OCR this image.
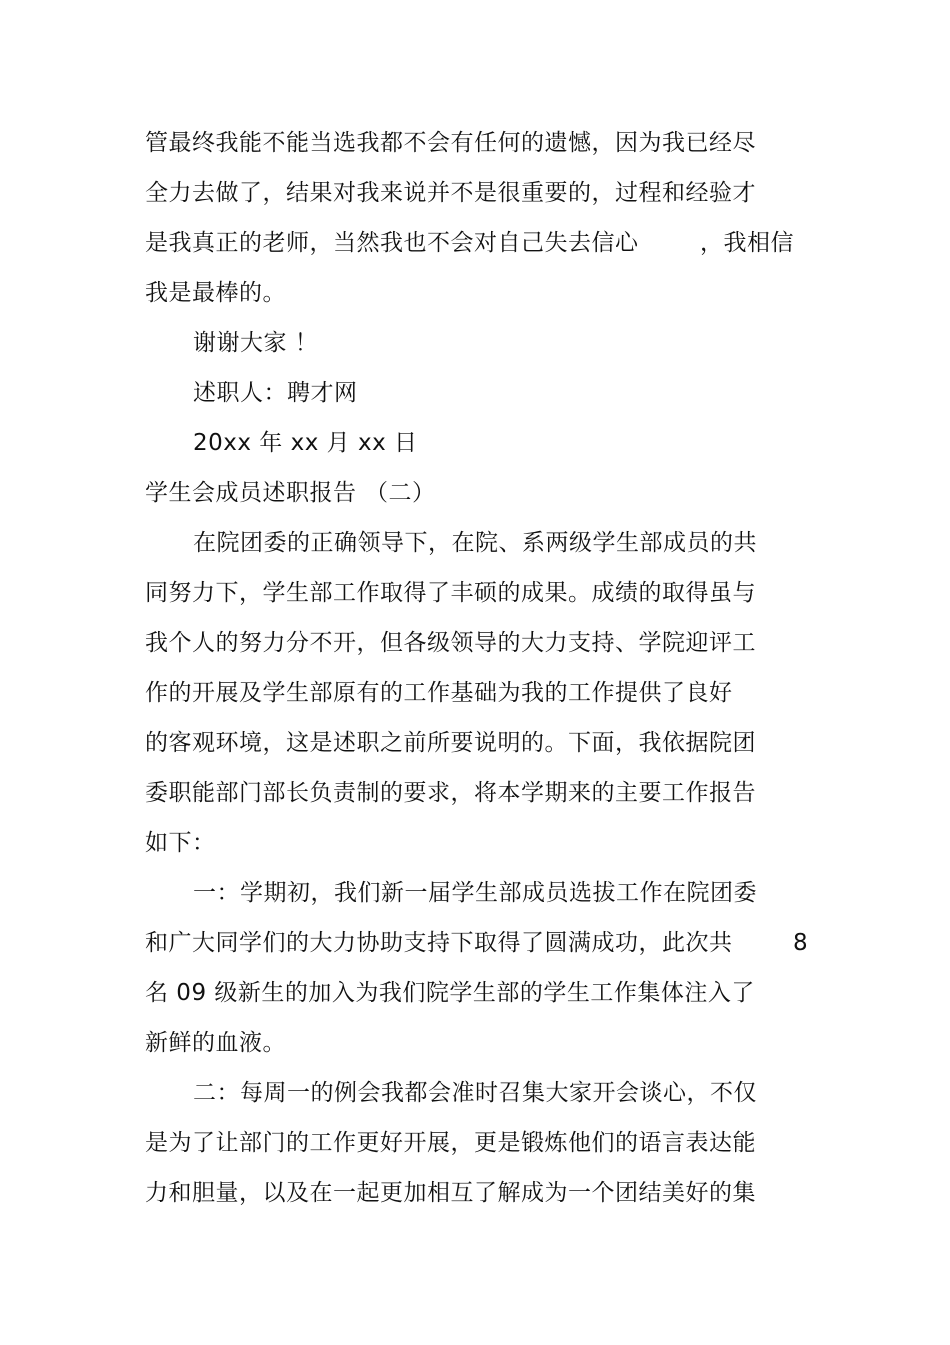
管最终我能不能当选我都不会有任何的遗憾，因为我已经尽
全力去做了，结果对我来说并不是很重要的，过程和经验才
是我真正的老师，当然我也不会对自己失去信心	，我相信
我是最棒的。
谢谢大家 ！
述职人：聘才网
20xx 年 xx 月 xx 日
学生会成员述职报告 （二）
在院团委的正确领导下，在院、系两级学生部成员的共
同努力下，学生部工作取得了丰硕的成果。成绩的取得虽与
我个人的努力分不开，但各级领导的大力支持、学院迎评工
作的开展及学生部原有的工作基础为我的工作提供了良好
的客观环境，这是述职之前所要说明的。下面，我依据院团
委职能部门部长负责制的要求，将本学期来的主要工作报告
如下：
一：学期初，我们新一届学生部成员选拔工作在院团委
和广大同学们的大力协助支持下取得了圆满成功，此次共	8
名 09 级新生的加入为我们院学生部的学生工作集体注入了
新鲜的血液。
二：每周一的例会我都会准时召集大家开会谈心，不仅
是为了让部门的工作更好开展，更是锻炼他们的语言表达能
力和胆量，以及在一起更加相互了解成为一个团结美好的集
